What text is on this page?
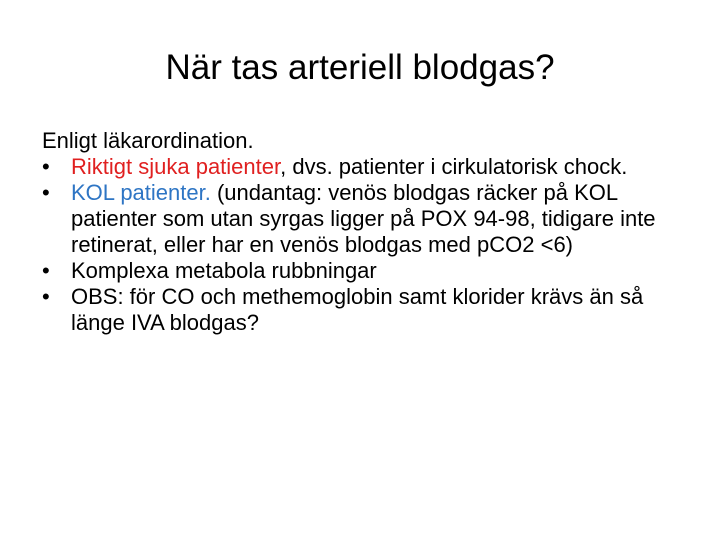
När tas arteriell blodgas?

Enligt läkarordination.

• Riktigt sjuka patienter, dvs. patienter i cirkulatorisk chock.
• KOL patienter. (undantag: venös blodgas räcker på KOL patienter som utan syrgas ligger på POX 94-98, tidigare inte retinerat, eller har en venös blodgas med pCO2 <6)
• Komplexa metabola rubbningar
• OBS: för CO och methemoglobin samt klorider krävs än så länge IVA blodgas?
